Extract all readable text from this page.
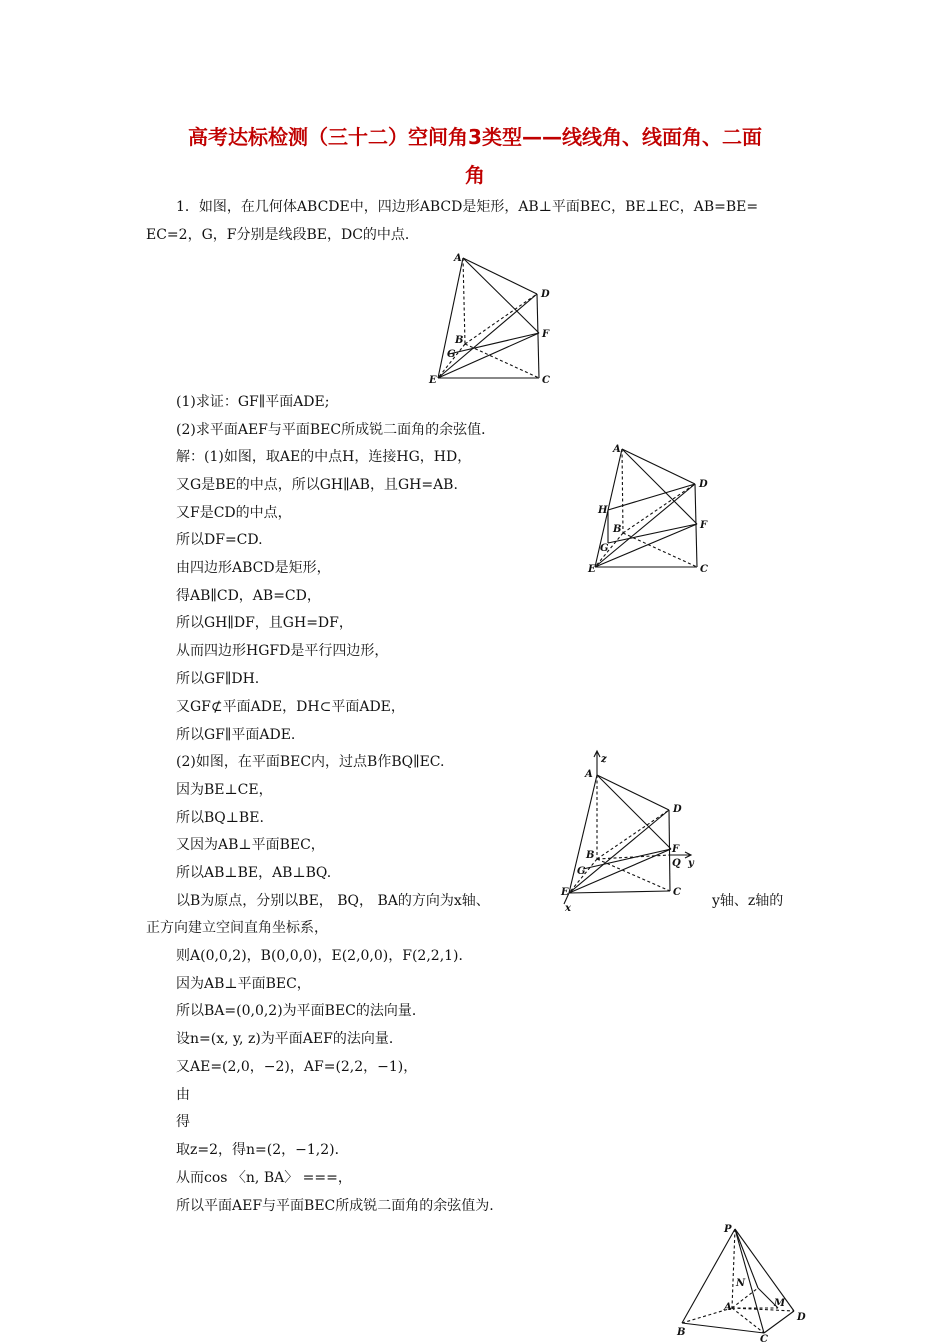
高考达标检测（三十二）空间角3类型——线线角、线面角、二面
角
1．如图，在几何体ABCDE中，四边形ABCD是矩形，AB⊥平面BEC，BE⊥EC，AB=BE=
EC=2，G，F分别是线段BE，DC的中点．
A
D
F
B
G
E	C
(1)求证：GF∥平面ADE;
(2)求平面AEF与平面BEC所成锐二面角的余弦值．
解：(1)如图，取AE的中点H，连接HG，HD，
又G是BE的中点，所以GH∥AB，且GH=AB.
又F是CD的中点，
所以DF=CD.
由四边形ABCD是矩形，
得AB∥CD，AB=CD，
所以GH∥DF，且GH=DF，
从而四边形HGFD是平行四边形，
所以GF∥DH.
又GF⊄平面ADE，DH⊂平面ADE，
所以GF∥平面ADE.
(2)如图，在平面BEC内，过点B作BQ∥EC.
因为BE⊥CE，
所以BQ⊥BE.
又因为AB⊥平面BEC，
所以AB⊥BE，AB⊥BQ.
以B为原点，分别以BE， BQ， BA的方向为x轴、	y轴、z轴的
正方向建立空间直角坐标系，
则A(0,0,2)，B(0,0,0)，E(2,0,0)，F(2,2,1)．
因为AB⊥平面BEC，
所以BA=(0,0,2)为平面BEC的法向量．
设n=(x, y, z)为平面AEF的法向量．
又AE=(2,0，−2)，AF=(2,2，−1)，
由
得
取z=2，得n=(2，−1,2)．
从而cos 〈n, BA〉 ===，
所以平面AEF与平面BEC所成锐二面角的余弦值为.
A
D
H
F
B
G
E	C
z
A
D
F
Q y
B
G
E	C
x
P
N
A	M
D
B
C
